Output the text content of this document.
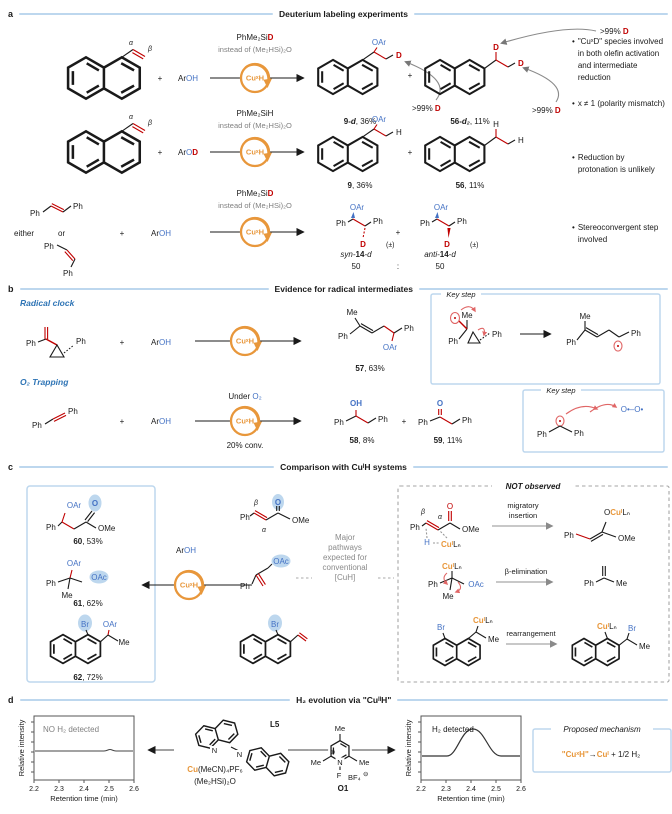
a	Deuterium labeling experiments
b	Evidence for radical intermediates
c	Comparison with CuᴵH systems
d	H₂ evolution via "CuᴵᴵH"
• "CuˣD" species involved in both olefin activation and intermediate reduction
• x ≠ 1 (polarity mismatch)
• Reduction by protonation is unlikely
• Stereoconvergent step involved
Radical clock
O₂ Trapping
Major
pathways
expected for
conventional
[CuH]
α
β
+ ArOH
PhMe₂SiD
instead of (Me₂HSi)₂O
CuˣH
OAr
D
>99% D
9-d, 36%
+
D
D
>99% D
>99% D
56-d₂, 11%
α
β
+ ArOD
PhMe₂SiH
instead of (Me₂HSi)₂O
CuˣH
OAr
H
9, 36%
+
H
H
56, 11%
Ph
Ph
either	or
Ph
Ph
+	ArOH
PhMe₂SiD
instead of (Me₂HSi)₂O
CuˣH
Ph
OAr
D
Ph
(±)
syn-14-d
50
+
:
Ph
OAr
D
Ph
(±)
anti-14-d
50
Ph	Ph	+	ArOH	CuˣH
Me
Ph
OAr
Ph
57, 63%
Key step
Me
Ph
Ph
Me
Ph
Ph
Ph
Ph
+	ArOH
Under O₂
CuˣH
20% conv.
Ph
OH
Ph
58, 8%
+ Ph
O
Ph
59, 11%
Key step
O•–O•
Ph	Ph
OAr O
Ph	OMe
60, 53%
OAr
Ph
Me
OAc
61, 62%
Br OAr
Me
62, 72%
ArOH
CuˣH
Ph
β
α
O
OMe
OAc
Ph
Br
NOT observed
Ph
β
α
O
OMe
H CuᴵLₙ
migratory
insertion
Ph
OCuᴵLₙ
OMe
CuᴵLₙ
Ph
Me
OAc
β-elimination
Ph	Me
Br
CuᴵLₙ
Me
rearrangement
CuᴵLₙ Br
Me
NO H₂ detected
2.2 2.3 2.4 2.5 2.6
Retention time (min)
Relative intensity	N	N
L5
Cu(MeCN)₄PF₆
(Me₂HSi)₂O
Me
Me	Me
N
⊕
F BF₄ ⊖
O1
H₂ detected
2.2 2.3 2.4 2.5 2.6
Retention time (min)
Relative intensity	Proposed mechanism
"CuˣH"→Cuᴵ + 1/2 H₂
